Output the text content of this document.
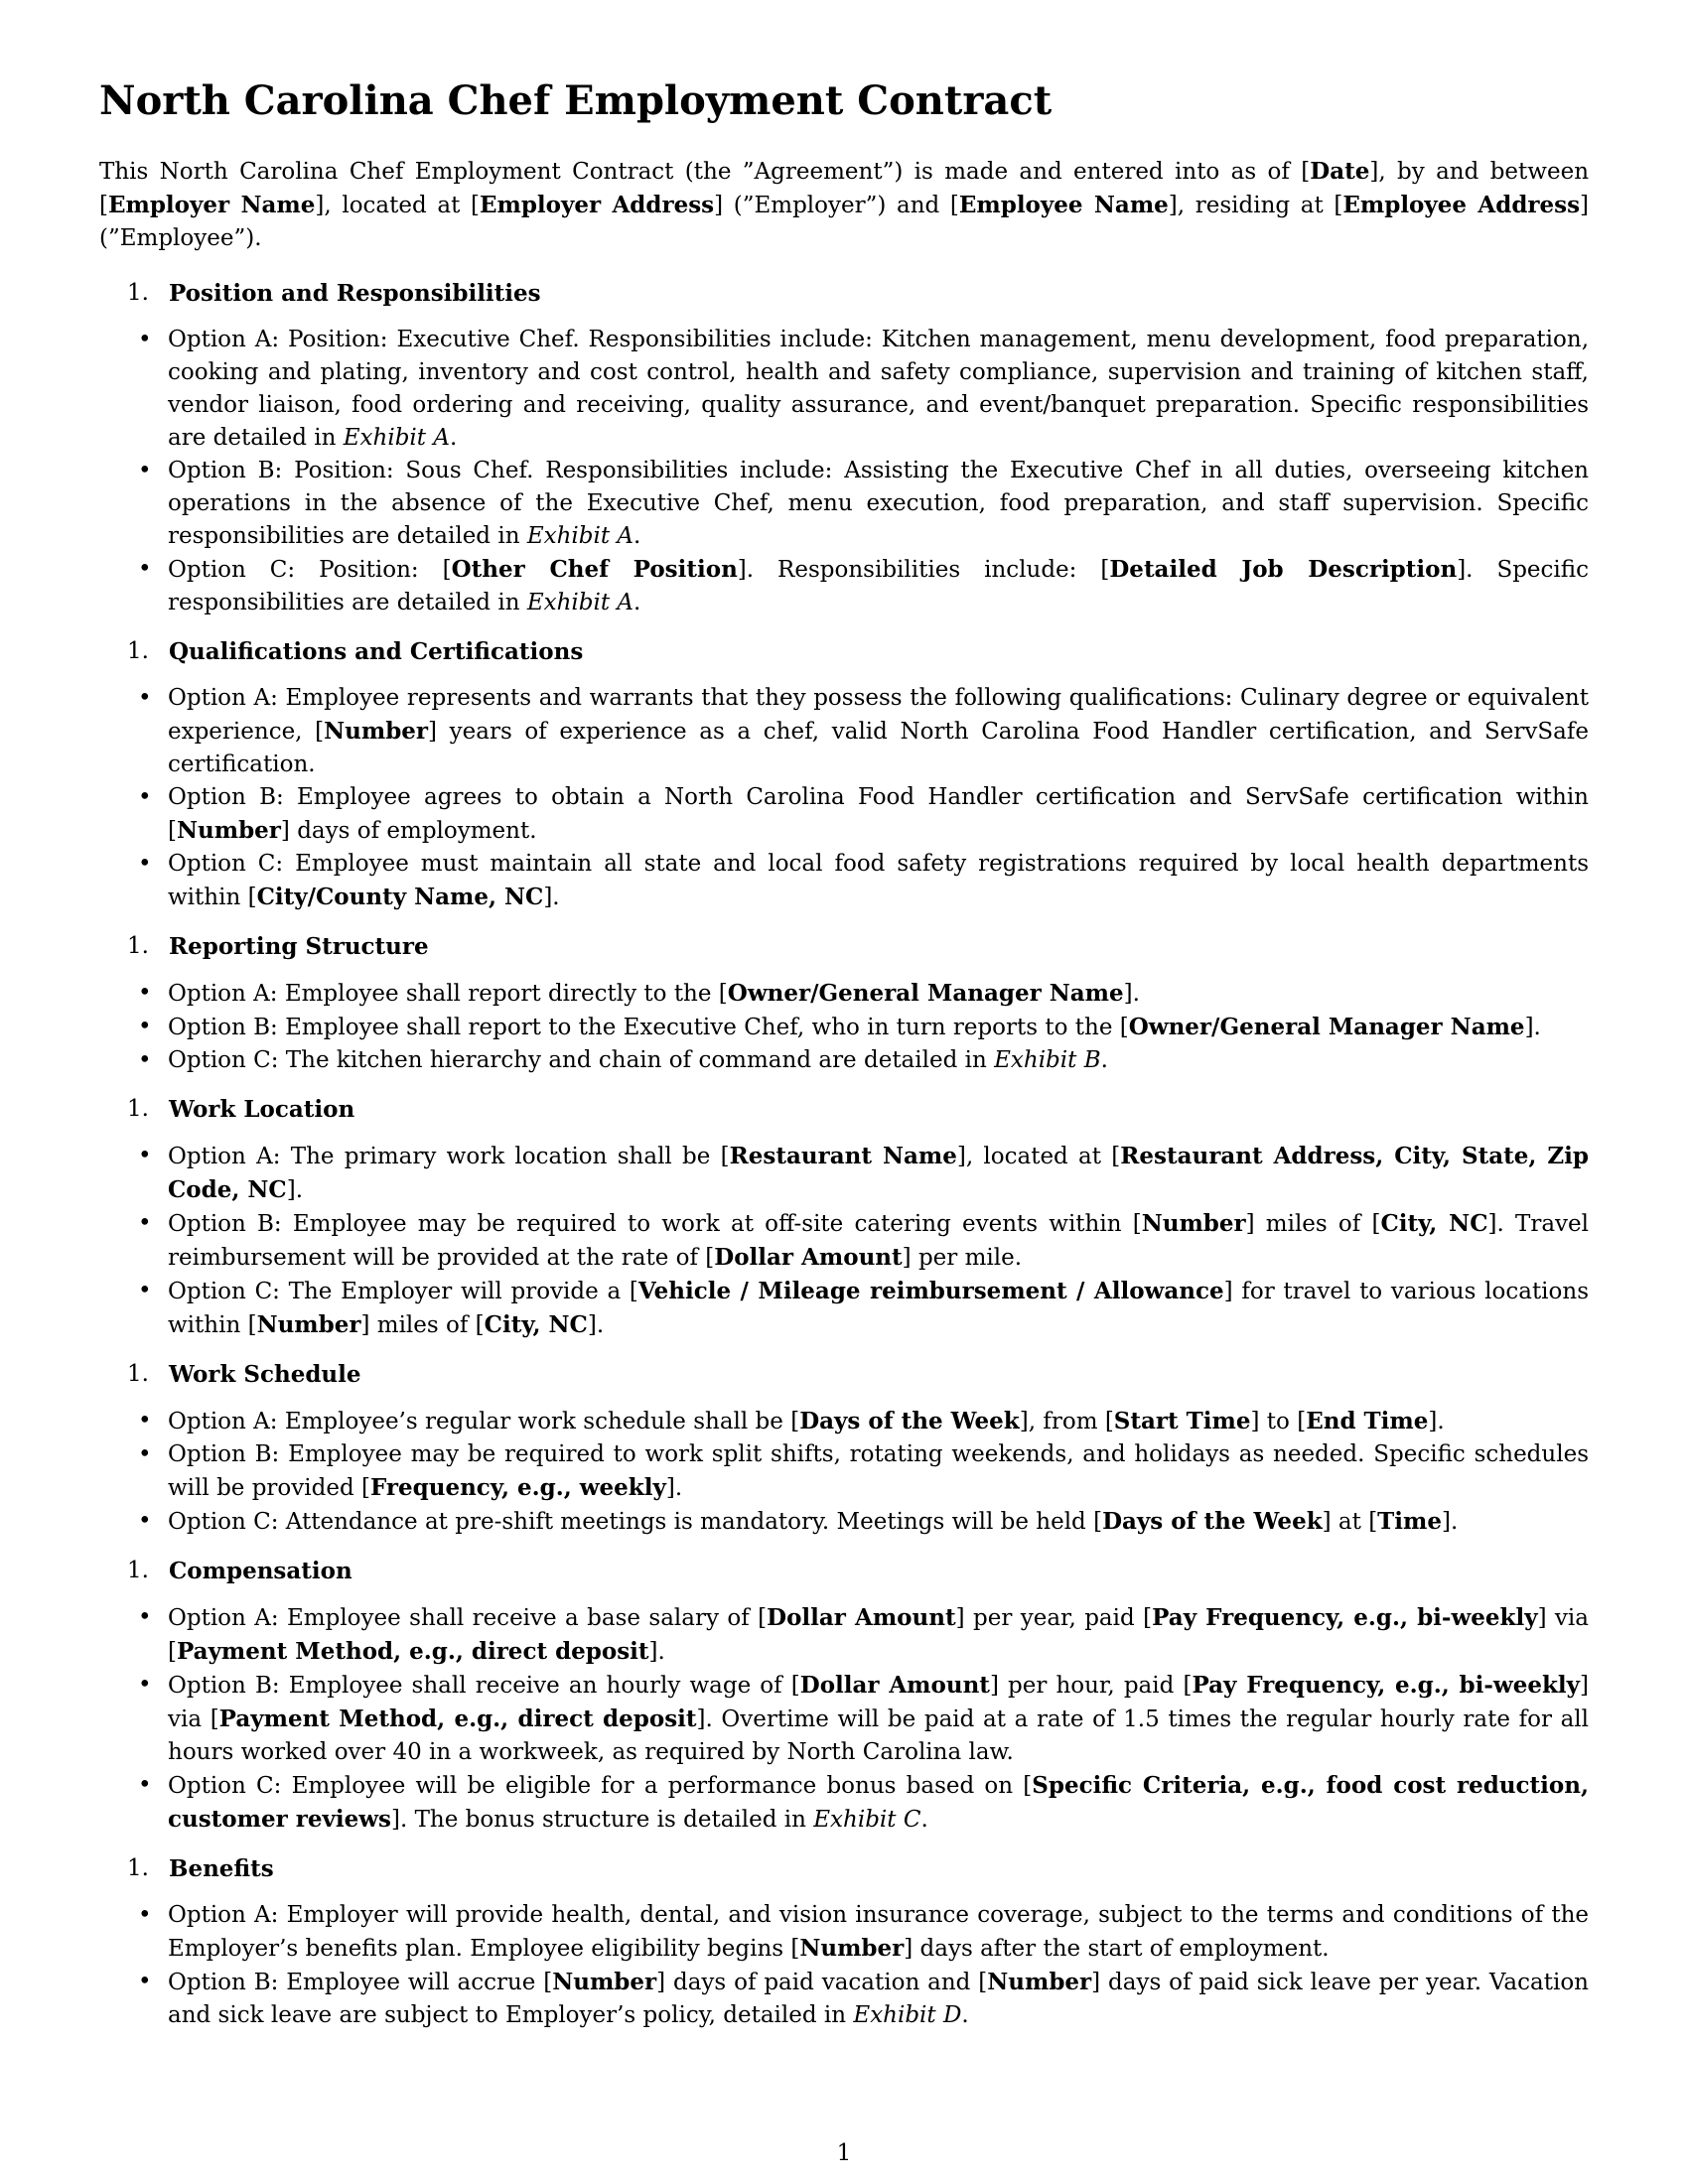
North Carolina Chef Employment Contract

This North Carolina Chef Employment Contract (the ”Agreement”) is made and entered into as of [Date], by and between [Employer Name], located at [Employer Address] (”Employer”) and [Employee Name], residing at [Employee Address] (”Employee”).

1. Position and Responsibilities
• Option A: Position: Executive Chef. Responsibilities include: Kitchen management, menu development, food preparation, cooking and plating, inventory and cost control, health and safety compliance, supervision and training of kitchen staff, vendor liaison, food ordering and receiving, quality assurance, and event/banquet preparation. Specific responsibilities are detailed in Exhibit A.
• Option B: Position: Sous Chef. Responsibilities include: Assisting the Executive Chef in all duties, overseeing kitchen operations in the absence of the Executive Chef, menu execution, food preparation, and staff supervision. Specific responsibilities are detailed in Exhibit A.
• Option C: Position: [Other Chef Position]. Responsibilities include: [Detailed Job Description]. Specific responsibilities are detailed in Exhibit A.
1. Qualifications and Certifications
• Option A: Employee represents and warrants that they possess the following qualifications: Culinary degree or equivalent experience, [Number] years of experience as a chef, valid North Carolina Food Handler certification, and ServSafe certification.
• Option B: Employee agrees to obtain a North Carolina Food Handler certification and ServSafe certification within [Number] days of employment.
• Option C: Employee must maintain all state and local food safety registrations required by local health departments within [City/County Name, NC].
1. Reporting Structure
• Option A: Employee shall report directly to the [Owner/General Manager Name].
• Option B: Employee shall report to the Executive Chef, who in turn reports to the [Owner/General Manager Name].
• Option C: The kitchen hierarchy and chain of command are detailed in Exhibit B.
1. Work Location
• Option A: The primary work location shall be [Restaurant Name], located at [Restaurant Address, City, State, Zip Code, NC].
• Option B: Employee may be required to work at off-site catering events within [Number] miles of [City, NC]. Travel reimbursement will be provided at the rate of [Dollar Amount] per mile.
• Option C: The Employer will provide a [Vehicle / Mileage reimbursement / Allowance] for travel to various locations within [Number] miles of [City, NC].
1. Work Schedule
• Option A: Employee’s regular work schedule shall be [Days of the Week], from [Start Time] to [End Time].
• Option B: Employee may be required to work split shifts, rotating weekends, and holidays as needed. Specific schedules will be provided [Frequency, e.g., weekly].
• Option C: Attendance at pre-shift meetings is mandatory. Meetings will be held [Days of the Week] at [Time].
1. Compensation
• Option A: Employee shall receive a base salary of [Dollar Amount] per year, paid [Pay Frequency, e.g., bi-weekly] via [Payment Method, e.g., direct deposit].
• Option B: Employee shall receive an hourly wage of [Dollar Amount] per hour, paid [Pay Frequency, e.g., bi-weekly] via [Payment Method, e.g., direct deposit]. Overtime will be paid at a rate of 1.5 times the regular hourly rate for all hours worked over 40 in a workweek, as required by North Carolina law.
• Option C: Employee will be eligible for a performance bonus based on [Specific Criteria, e.g., food cost reduction, customer reviews]. The bonus structure is detailed in Exhibit C.
1. Benefits
• Option A: Employer will provide health, dental, and vision insurance coverage, subject to the terms and conditions of the Employer’s benefits plan. Employee eligibility begins [Number] days after the start of employment.
• Option B: Employee will accrue [Number] days of paid vacation and [Number] days of paid sick leave per year. Vacation and sick leave are subject to Employer’s policy, detailed in Exhibit D.
1
